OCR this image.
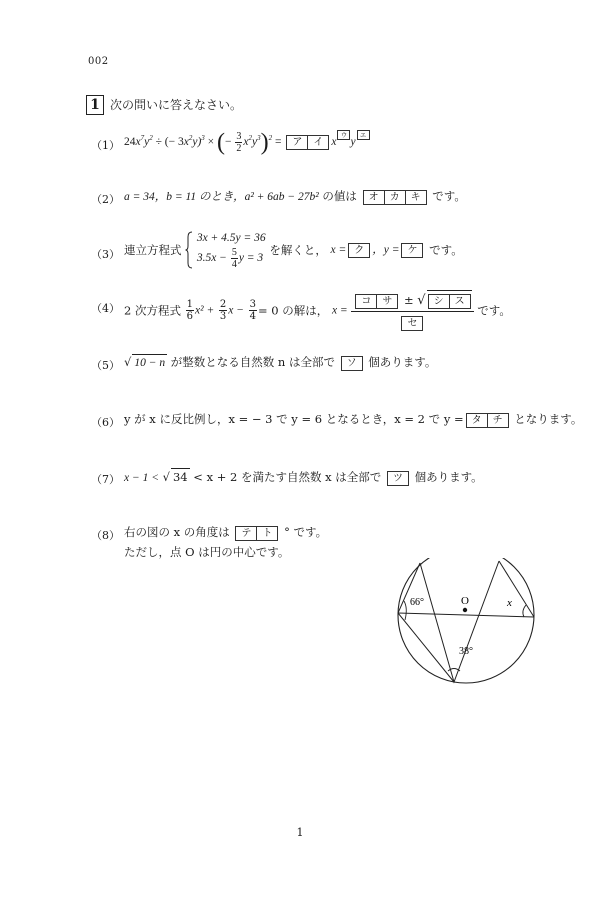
002
1 次の問いに答えなさい。
（1） $24x^7y^2$ ÷ (− $3x^2y)^3$ × (− $\frac{3}{2} x^2y^3)^2$ =	ア	イ x
ウ
y
エ
（2） a = 34，b = 11 のとき，a² + 6ab − 27b² の値は オ	カ	キ です。
（3） 連立方程式
3x + 4.5y = 36
$3.5x - \frac{5}{4}$ y = 3
を解くと， x = ク ，y = ケ です。
（4） 2 次方程式 $\frac{1}{6} x^2 + \frac{2}{3}$ $x - \frac{3}{4} = 0$ の解は， x =
コ	サ	± √ シ	ス
セ
です。
（5） √ 10 − n が整数となる自然数 n は全部で ソ 個あります。
（6） y が x に反比例し，x = − 3 で y = 6 となるとき，x = 2 で y = タ	チ となります。
（7） x − 1 < √ 34 < x + 2 を満たす自然数 x は全部で ツ 個あります。
（8） 右の図の x の角度は テ	ト ° です。
ただし，点 O は円の中心です。
O
66°
38°
x
1
